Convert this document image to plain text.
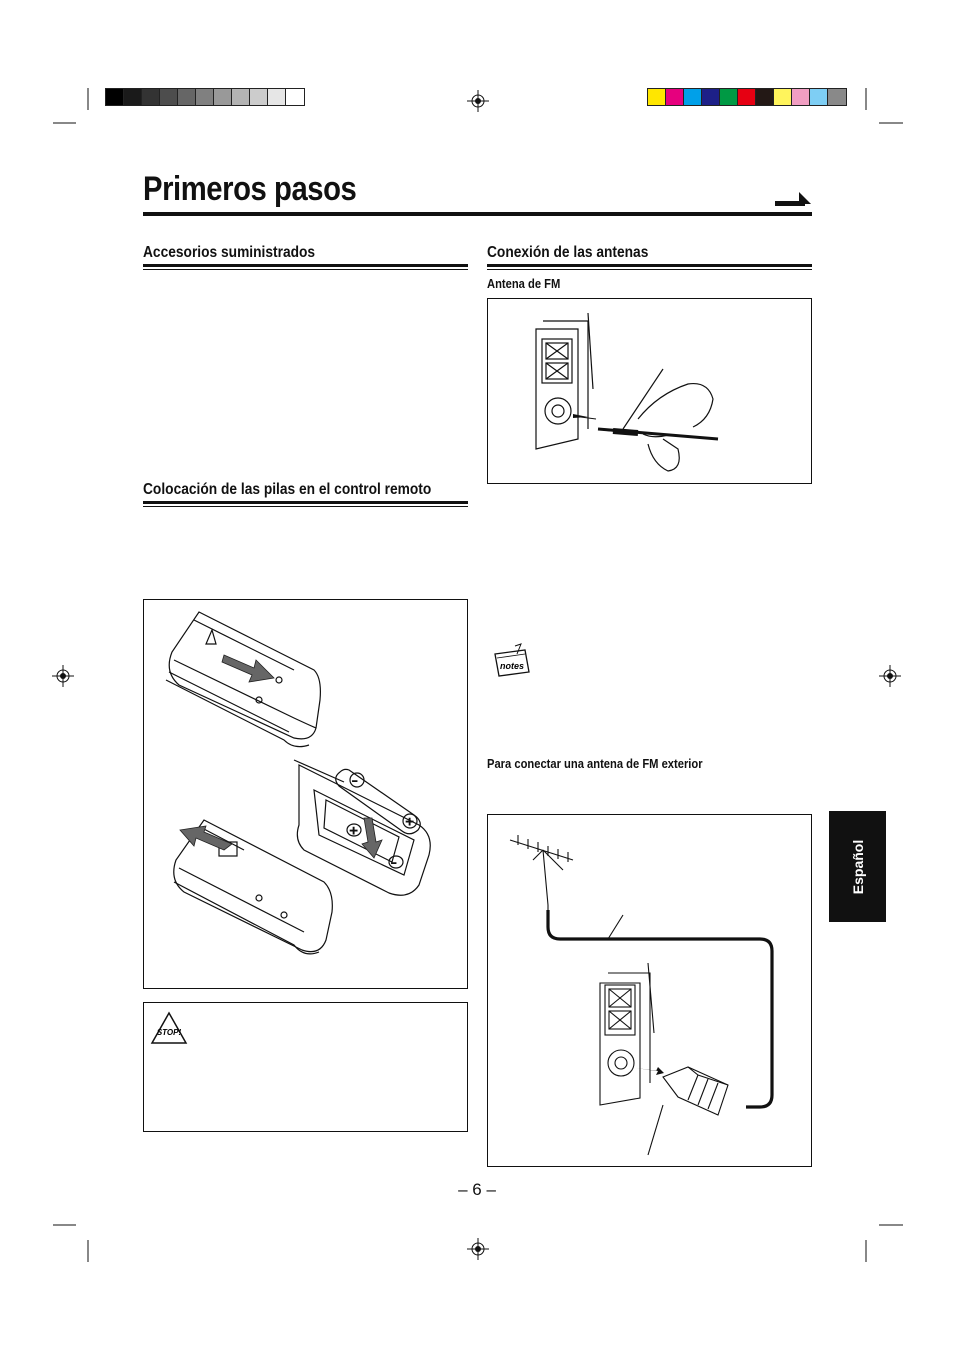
Primeros pasos
Accesorios suministrados
Colocación de las pilas en el control remoto
–
+
+
–
STOP!
Conexión de las antenas
Antena de FM
notes
Para conectar una antena de FM exterior
Español
– 6 –
